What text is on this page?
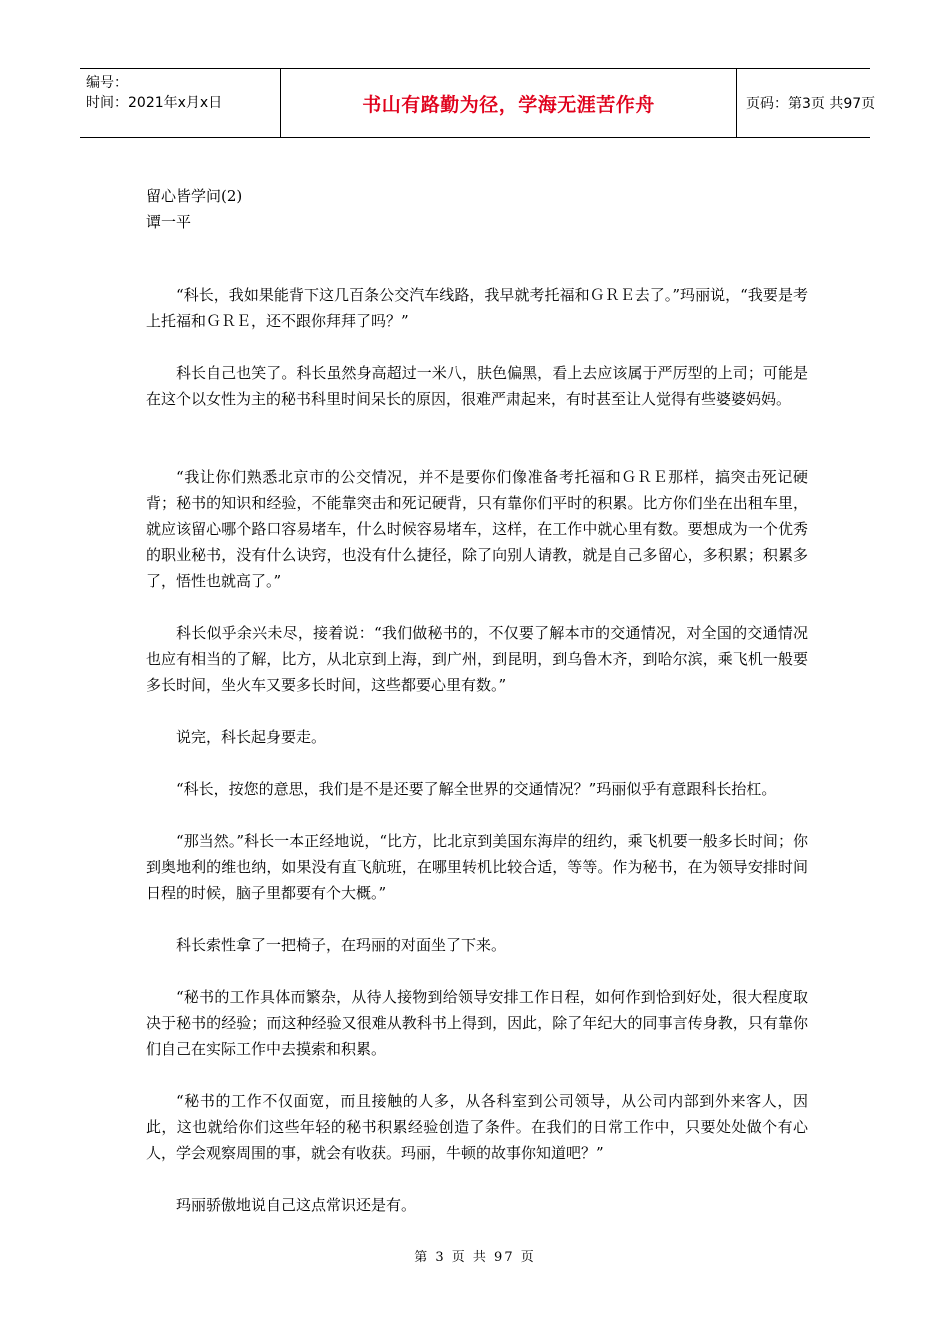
编号：
时间：2021年x月x日	书山有路勤为径，学海无涯苦作舟	页码：第3页 共97页
留心皆学问(2)
谭一平

“科长，我如果能背下这几百条公交汽车线路，我早就考托福和ＧＲＥ去了。”玛丽说，“我要是考上托福和ＧＲＥ，还不跟你拜拜了吗？”

科长自己也笑了。科长虽然身高超过一米八，肤色偏黑，看上去应该属于严厉型的上司；可能是在这个以女性为主的秘书科里时间呆长的原因，很难严肃起来，有时甚至让人觉得有些婆婆妈妈。

“我让你们熟悉北京市的公交情况，并不是要你们像准备考托福和ＧＲＥ那样，搞突击死记硬背；秘书的知识和经验，不能靠突击和死记硬背，只有靠你们平时的积累。比方你们坐在出租车里，就应该留心哪个路口容易堵车，什么时候容易堵车，这样，在工作中就心里有数。要想成为一个优秀的职业秘书，没有什么诀窍，也没有什么捷径，除了向别人请教，就是自己多留心，多积累；积累多了，悟性也就高了。”

科长似乎余兴未尽，接着说：“我们做秘书的，不仅要了解本市的交通情况，对全国的交通情况也应有相当的了解，比方，从北京到上海，到广州，到昆明，到乌鲁木齐，到哈尔滨，乘飞机一般要多长时间，坐火车又要多长时间，这些都要心里有数。”

说完，科长起身要走。

“科长，按您的意思，我们是不是还要了解全世界的交通情况？”玛丽似乎有意跟科长抬杠。

“那当然。”科长一本正经地说，“比方，比北京到美国东海岸的纽约，乘飞机要一般多长时间；你到奥地利的维也纳，如果没有直飞航班，在哪里转机比较合适，等等。作为秘书，在为领导安排时间日程的时候，脑子里都要有个大概。”

科长索性拿了一把椅子，在玛丽的对面坐了下来。

“秘书的工作具体而繁杂，从待人接物到给领导安排工作日程，如何作到恰到好处，很大程度取决于秘书的经验；而这种经验又很难从教科书上得到，因此，除了年纪大的同事言传身教，只有靠你们自己在实际工作中去摸索和积累。

“秘书的工作不仅面宽，而且接触的人多，从各科室到公司领导，从公司内部到外来客人，因此，这也就给你们这些年轻的秘书积累经验创造了条件。在我们的日常工作中，只要处处做个有心人，学会观察周围的事，就会有收获。玛丽，牛顿的故事你知道吧？”

玛丽骄傲地说自己这点常识还是有。

第 3 页 共 97 页
